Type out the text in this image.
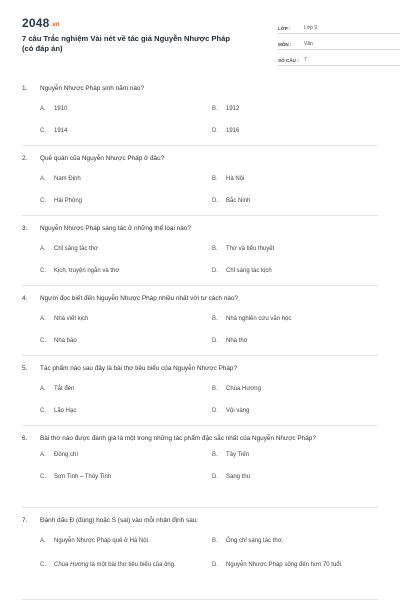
2048.vn
7 câu Trắc nghiệm Vài nét về tác giả Nguyễn Nhược Pháp (có đáp án)
LỚP :	Lớp 9
MÔN :	Văn
SỐ CÂU :	7
1.	Nguyễn Nhược Pháp sinh năm nào?
A.	1910	B.	1912
C.	1914	D.	1916
2.	Quê quán của Nguyễn Nhược Pháp ở đâu?
A.	Nam Định	B.	Hà Nội
C.	Hải Phòng	D.	Bắc Ninh
3.	Nguyễn Nhược Pháp sáng tác ở những thể loại nào?
A.	Chỉ sáng tác thơ	B.	Thơ và tiểu thuyết
C.	Kịch, truyện ngắn và thơ	D.	Chỉ sáng tác kịch
4.	Người đọc biết đến Nguyễn Nhược Pháp nhiều nhất với tư cách nào?
A.	Nhà viết kịch	B.	Nhà nghiên cứu văn học
C.	Nhà báo	D.	Nhà thơ
5.	Tác phẩm nào sau đây là bài thơ tiêu biểu của Nguyễn Nhược Pháp?
A.	Tắt đèn	B.	Chùa Hương
C.	Lão Hạc	D.	Vội vàng
6.	Bài thơ nào được đánh giá là một trong những tác phẩm đặc sắc nhất của Nguyễn Nhược Pháp?
A.	Đồng chí	B.	Tây Tiến
C.	Sơn Tinh – Thủy Tinh	D.	Sang thu
7.	Đánh dấu Đ (đúng) hoặc S (sai) vào mỗi nhận định sau:
A.	Nguyễn Nhược Pháp quê ở Hà Nội.	B.	Ông chỉ sáng tác thơ.
C.	Chùa Hương là một bài thơ tiêu biểu của ông.	D.	Nguyễn Nhược Pháp sống đến hơn 70 tuổi.
